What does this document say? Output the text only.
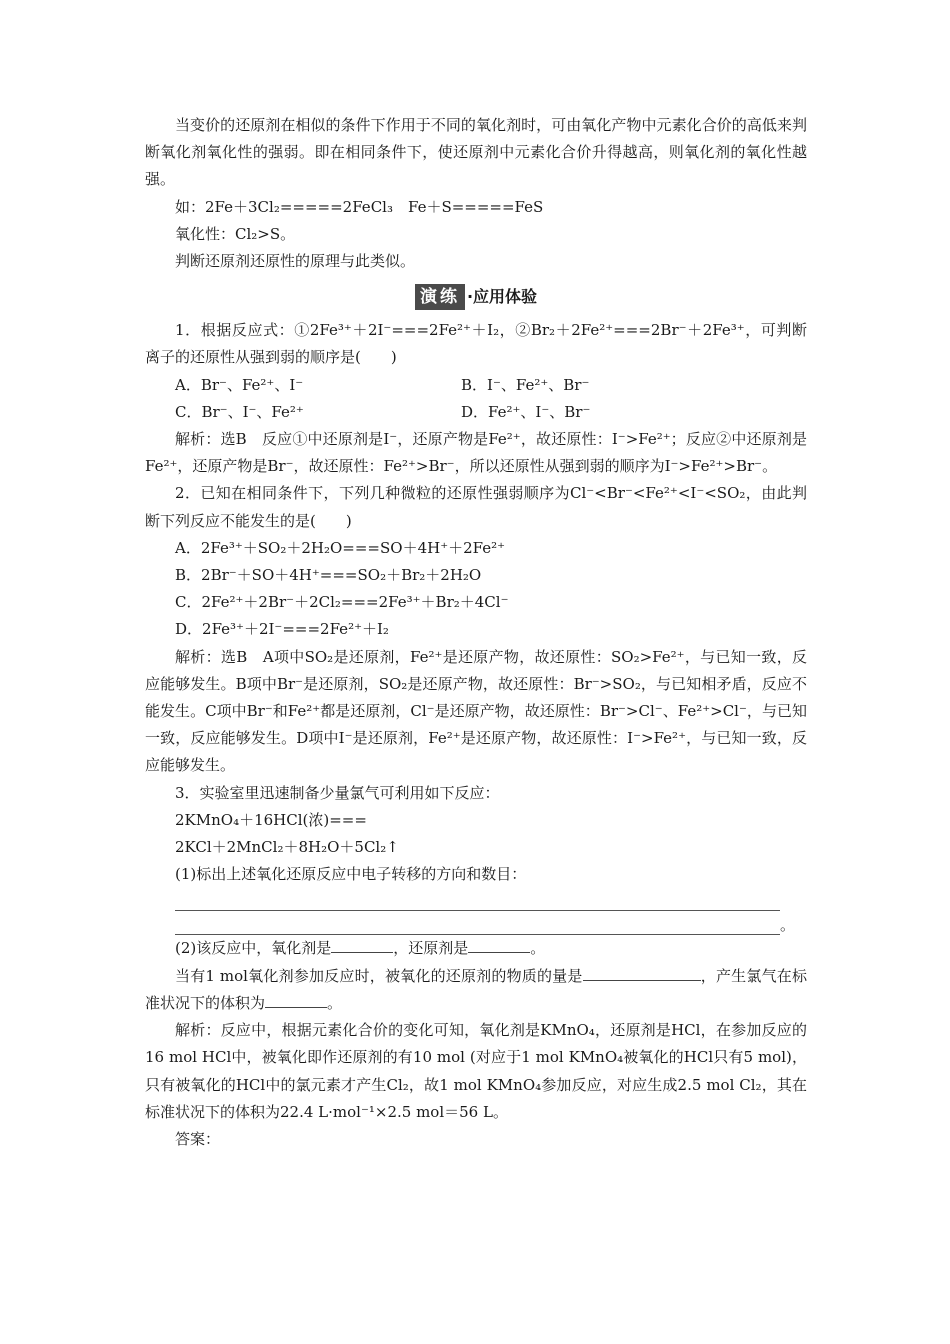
当变价的还原剂在相似的条件下作用于不同的氧化剂时，可由氧化产物中元素化合价的高低来判断氧化剂氧化性的强弱。即在相同条件下，使还原剂中元素化合价升得越高，则氧化剂的氧化性越强。

如：2Fe＋3Cl₂=====2FeCl₃　Fe＋S=====FeS

氧化性：Cl₂>S。

判断还原剂还原性的原理与此类似。

演练 ·应用体验

1．根据反应式：①2Fe³⁺＋2I⁻===2Fe²⁺＋I₂，②Br₂＋2Fe²⁺===2Br⁻＋2Fe³⁺，可判断离子的还原性从强到弱的顺序是(　　)

A．Br⁻、Fe²⁺、I⁻	B．I⁻、Fe²⁺、Br⁻
C．Br⁻、I⁻、Fe²⁺	D．Fe²⁺、I⁻、Br⁻

解析：选B　反应①中还原剂是I⁻，还原产物是Fe²⁺，故还原性：I⁻>Fe²⁺；反应②中还原剂是Fe²⁺，还原产物是Br⁻，故还原性：Fe²⁺>Br⁻，所以还原性从强到弱的顺序为I⁻>Fe²⁺>Br⁻。

2．已知在相同条件下，下列几种微粒的还原性强弱顺序为Cl⁻<Br⁻<Fe²⁺<I⁻<SO₂，由此判断下列反应不能发生的是(　　)

A．2Fe³⁺＋SO₂＋2H₂O===SO＋4H⁺＋2Fe²⁺

B．2Br⁻＋SO＋4H⁺===SO₂＋Br₂＋2H₂O

C．2Fe²⁺＋2Br⁻＋2Cl₂===2Fe³⁺＋Br₂＋4Cl⁻

D．2Fe³⁺＋2I⁻===2Fe²⁺＋I₂

解析：选B　A项中SO₂是还原剂，Fe²⁺是还原产物，故还原性：SO₂>Fe²⁺，与已知一致，反应能够发生。B项中Br⁻是还原剂，SO₂是还原产物，故还原性：Br⁻>SO₂，与已知相矛盾，反应不能发生。C项中Br⁻和Fe²⁺都是还原剂，Cl⁻是还原产物，故还原性：Br⁻>Cl⁻、Fe²⁺>Cl⁻，与已知一致，反应能够发生。D项中I⁻是还原剂，Fe²⁺是还原产物，故还原性：I⁻>Fe²⁺，与已知一致，反应能够发生。

3．实验室里迅速制备少量氯气可利用如下反应：

2KMnO₄＋16HCl(浓)===

2KCl＋2MnCl₂＋8H₂O＋5Cl₂↑

(1)标出上述氧化还原反应中电子转移的方向和数目：

。

(2)该反应中，氧化剂是	，还原剂是	。

当有1 mol氧化剂参加反应时，被氧化的还原剂的物质的量是	，产生氯气在标准状况下的体积为	。

解析：反应中，根据元素化合价的变化可知，氧化剂是KMnO₄，还原剂是HCl，在参加反应的16 mol HCl中，被氧化即作还原剂的有10 mol (对应于1 mol KMnO₄被氧化的HCl只有5 mol)，只有被氧化的HCl中的氯元素才产生Cl₂，故1 mol KMnO₄参加反应，对应生成2.5 mol Cl₂，其在标准状况下的体积为22.4 L·mol⁻¹×2.5 mol＝56 L。

答案：
